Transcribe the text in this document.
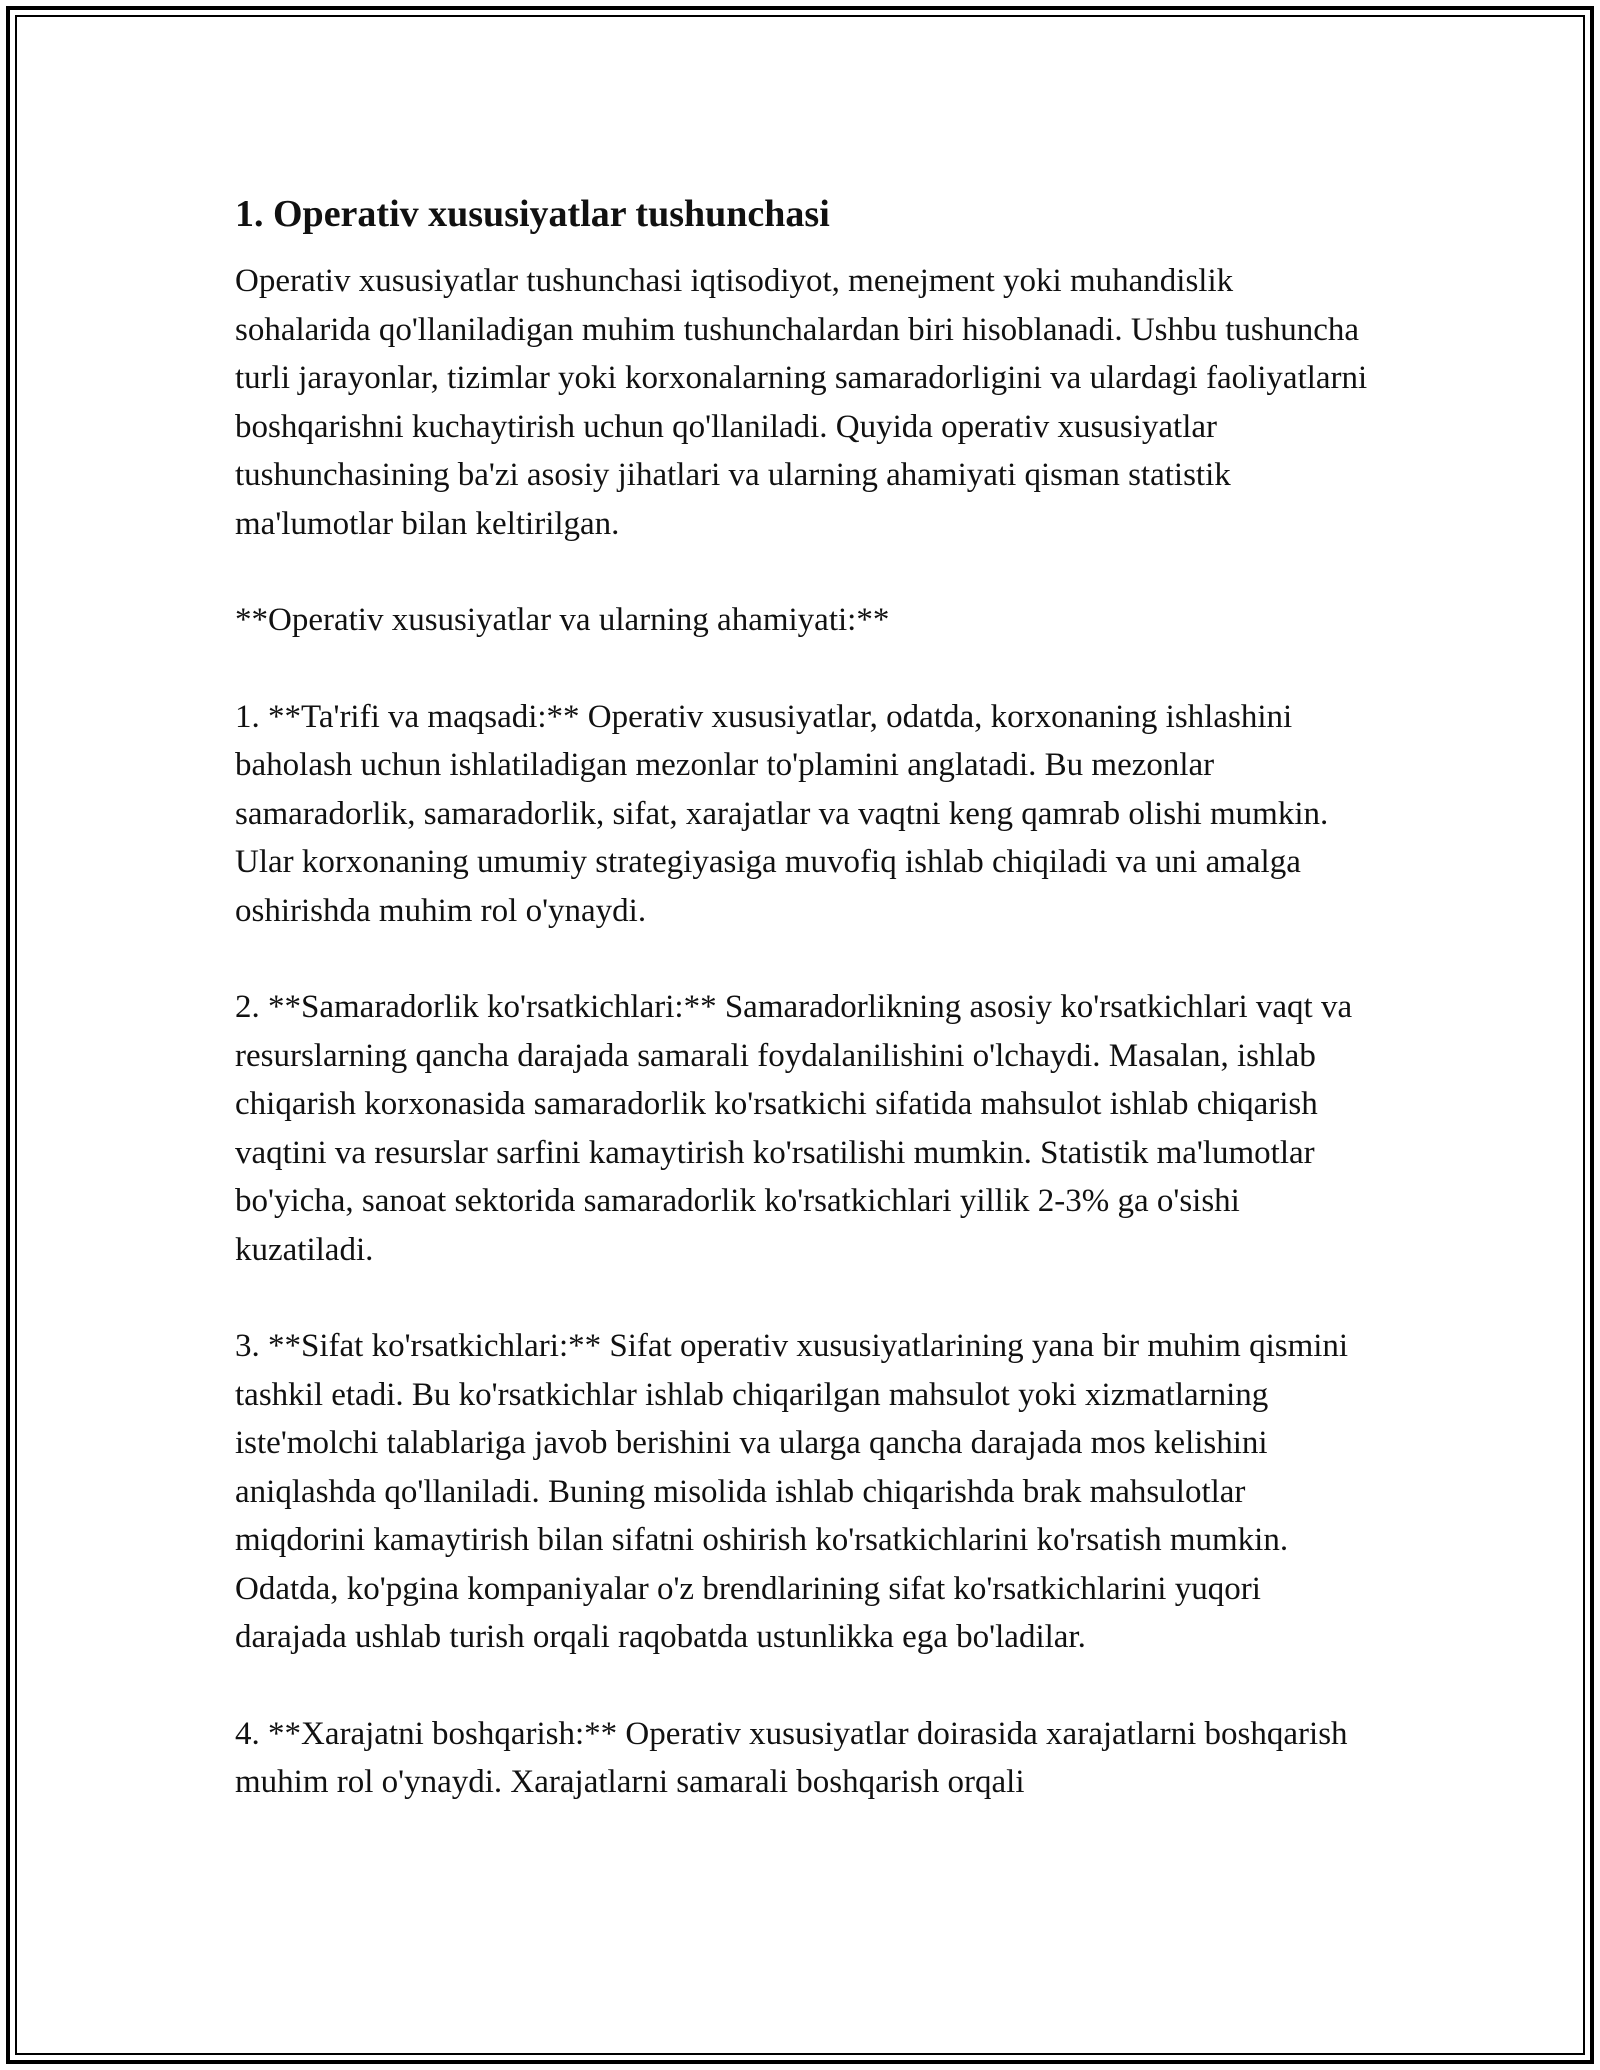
1. Operativ xususiyatlar tushunchasi

Operativ xususiyatlar tushunchasi iqtisodiyot, menejment yoki muhandislik sohalarida qo'llaniladigan muhim tushunchalardan biri hisoblanadi. Ushbu tushuncha turli jarayonlar, tizimlar yoki korxonalarning samaradorligini va ulardagi faoliyatlarni boshqarishni kuchaytirish uchun qo'llaniladi. Quyida operativ xususiyatlar tushunchasining ba'zi asosiy jihatlari va ularning ahamiyati qisman statistik ma'lumotlar bilan keltirilgan.

**Operativ xususiyatlar va ularning ahamiyati:**

1. **Ta'rifi va maqsadi:** Operativ xususiyatlar, odatda, korxonaning ishlashini baholash uchun ishlatiladigan mezonlar to'plamini anglatadi. Bu mezonlar samaradorlik, samaradorlik, sifat, xarajatlar va vaqtni keng qamrab olishi mumkin. Ular korxonaning umumiy strategiyasiga muvofiq ishlab chiqiladi va uni amalga oshirishda muhim rol o'ynaydi.

2. **Samaradorlik ko'rsatkichlari:** Samaradorlikning asosiy ko'rsatkichlari vaqt va resurslarning qancha darajada samarali foydalanilishini o'lchaydi. Masalan, ishlab chiqarish korxonasida samaradorlik ko'rsatkichi sifatida mahsulot ishlab chiqarish vaqtini va resurslar sarfini kamaytirish ko'rsatilishi mumkin. Statistik ma'lumotlar bo'yicha, sanoat sektorida samaradorlik ko'rsatkichlari yillik 2-3% ga o'sishi kuzatiladi.

3. **Sifat ko'rsatkichlari:** Sifat operativ xususiyatlarining yana bir muhim qismini tashkil etadi. Bu ko'rsatkichlar ishlab chiqarilgan mahsulot yoki xizmatlarning iste'molchi talablariga javob berishini va ularga qancha darajada mos kelishini aniqlashda qo'llaniladi. Buning misolida ishlab chiqarishda brak mahsulotlar miqdorini kamaytirish bilan sifatni oshirish ko'rsatkichlarini ko'rsatish mumkin. Odatda, ko'pgina kompaniyalar o'z brendlarining sifat ko'rsatkichlarini yuqori darajada ushlab turish orqali raqobatda ustunlikka ega bo'ladilar.

4. **Xarajatni boshqarish:** Operativ xususiyatlar doirasida xarajatlarni boshqarish muhim rol o'ynaydi. Xarajatlarni samarali boshqarish orqali
